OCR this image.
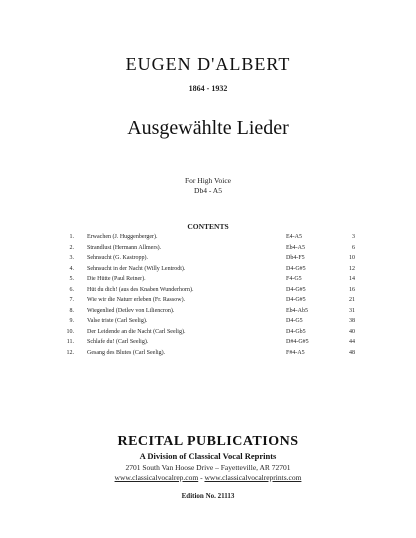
EUGEN D'ALBERT
1864 - 1932
Ausgewählte Lieder
For High Voice
Db4 - A5
CONTENTS
1. Erwachen (J. Huggenberger).	E4-A5	3
2. Strandlust (Hermann Allmers).	Eb4-A5	6
3. Sehnsucht (G. Kastropp).	Db4-F5	10
4. Sehnsucht in der Nacht (Willy Lentrodt).	D4-G#5	12
5. Die Hütte (Paul Reiner).	F4-G5	14
6. Hüt du dich! (aus des Knaben Wunderhorn).	D4-G#5	16
7. Wie wir die Naturr erleben (Fr. Rassow).	D4-G#5	21
8. Wiegenlied (Detlev von Liliencron).	Eb4-Ab5	31
9. Valse triste (Carl Seelig).	D4-G5	38
10. Der Leidende an die Nacht (Carl Seelig).	D4-Gb5	40
11. Schlafe du! (Carl Seelig).	D#4-G#5	44
12. Gesang des Blutes (Carl Seelig).	F#4-A5	48
RECITAL PUBLICATIONS
A Division of Classical Vocal Reprints
2701 South Van Hoose Drive – Fayetteville, AR 72701
www.classicalvocalrep.com - www.classicalvocalreprints.com
Edition No. 21113
